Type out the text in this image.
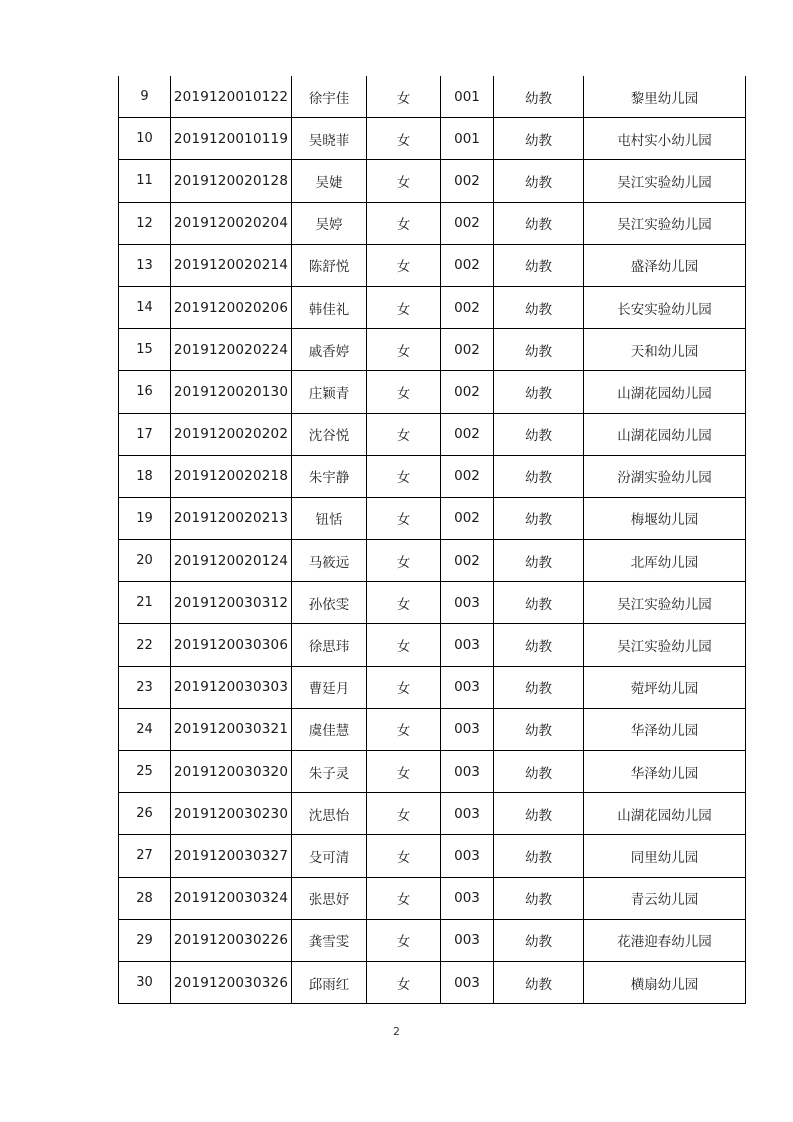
9	2019120010122	徐宇佳	女	001	幼教	黎里幼儿园
10	2019120010119	吴晓菲	女	001	幼教	屯村实小幼儿园
11	2019120020128	吴婕	女	002	幼教	吴江实验幼儿园
12	2019120020204	吴婷	女	002	幼教	吴江实验幼儿园
13	2019120020214	陈舒悦	女	002	幼教	盛泽幼儿园
14	2019120020206	韩佳礼	女	002	幼教	长安实验幼儿园
15	2019120020224	戚香婷	女	002	幼教	天和幼儿园
16	2019120020130	庄颖青	女	002	幼教	山湖花园幼儿园
17	2019120020202	沈谷悦	女	002	幼教	山湖花园幼儿园
18	2019120020218	朱宇静	女	002	幼教	汾湖实验幼儿园
19	2019120020213	钮恬	女	002	幼教	梅堰幼儿园
20	2019120020124	马筱远	女	002	幼教	北厍幼儿园
21	2019120030312	孙依雯	女	003	幼教	吴江实验幼儿园
22	2019120030306	徐思玮	女	003	幼教	吴江实验幼儿园
23	2019120030303	曹廷月	女	003	幼教	菀坪幼儿园
24	2019120030321	虞佳慧	女	003	幼教	华泽幼儿园
25	2019120030320	朱子灵	女	003	幼教	华泽幼儿园
26	2019120030230	沈思怡	女	003	幼教	山湖花园幼儿园
27	2019120030327	殳可清	女	003	幼教	同里幼儿园
28	2019120030324	张思妤	女	003	幼教	青云幼儿园
29	2019120030226	龚雪雯	女	003	幼教	花港迎春幼儿园
30	2019120030326	邱雨红	女	003	幼教	横扇幼儿园
2
